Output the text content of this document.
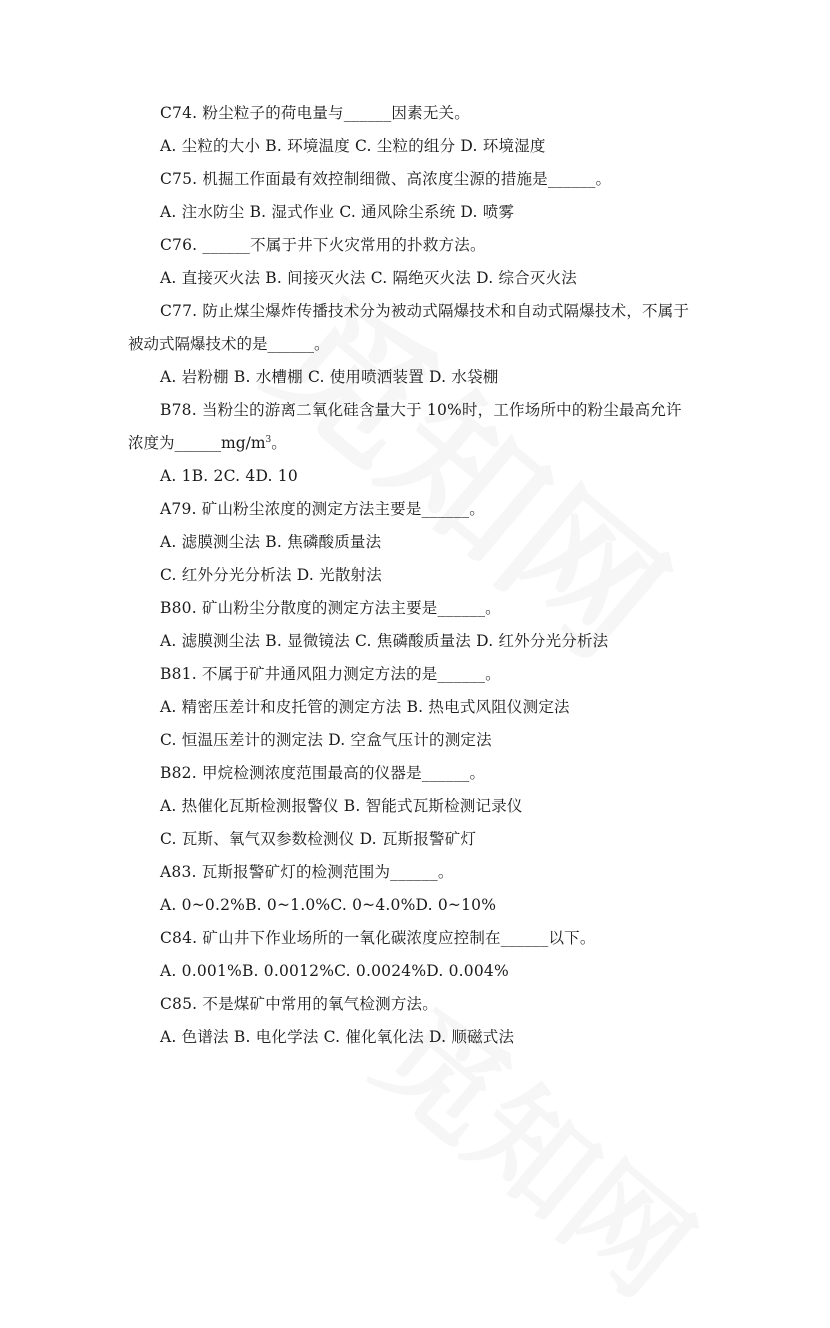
C74. 粉尘粒子的荷电量与______因素无关。
A. 尘粒的大小 B. 环境温度 C. 尘粒的组分 D. 环境湿度
C75. 机掘工作面最有效控制细微、高浓度尘源的措施是______。
A. 注水防尘 B. 湿式作业 C. 通风除尘系统 D. 喷雾
C76. ______不属于井下火灾常用的扑救方法。
A. 直接灭火法 B. 间接灭火法 C. 隔绝灭火法 D. 综合灭火法
C77. 防止煤尘爆炸传播技术分为被动式隔爆技术和自动式隔爆技术，不属于
被动式隔爆技术的是______。
A. 岩粉棚 B. 水槽棚 C. 使用喷洒装置 D. 水袋棚
B78. 当粉尘的游离二氧化硅含量大于 10%时，工作场所中的粉尘最高允许
浓度为$\_\_\_\_\_\_mg/m^3$。
A. 1B. 2C. 4D. 10
A79. 矿山粉尘浓度的测定方法主要是______。
A. 滤膜测尘法 B. 焦磷酸质量法
C. 红外分光分析法 D. 光散射法
B80. 矿山粉尘分散度的测定方法主要是______。
A. 滤膜测尘法 B. 显微镜法 C. 焦磷酸质量法 D. 红外分光分析法
B81. 不属于矿井通风阻力测定方法的是______。
A. 精密压差计和皮托管的测定方法 B. 热电式风阻仪测定法
C. 恒温压差计的测定法 D. 空盒气压计的测定法
B82. 甲烷检测浓度范围最高的仪器是______。
A. 热催化瓦斯检测报警仪 B. 智能式瓦斯检测记录仪
C. 瓦斯、氧气双参数检测仪 D. 瓦斯报警矿灯
A83. 瓦斯报警矿灯的检测范围为______。
A. 0~0.2%B. 0~1.0%C. 0~4.0%D. 0~10%
C84. 矿山井下作业场所的一氧化碳浓度应控制在______以下。
A. 0.001%B. 0.0012%C. 0.0024%D. 0.004%
C85. 不是煤矿中常用的氧气检测方法。
A. 色谱法 B. 电化学法 C. 催化氧化法 D. 顺磁式法
